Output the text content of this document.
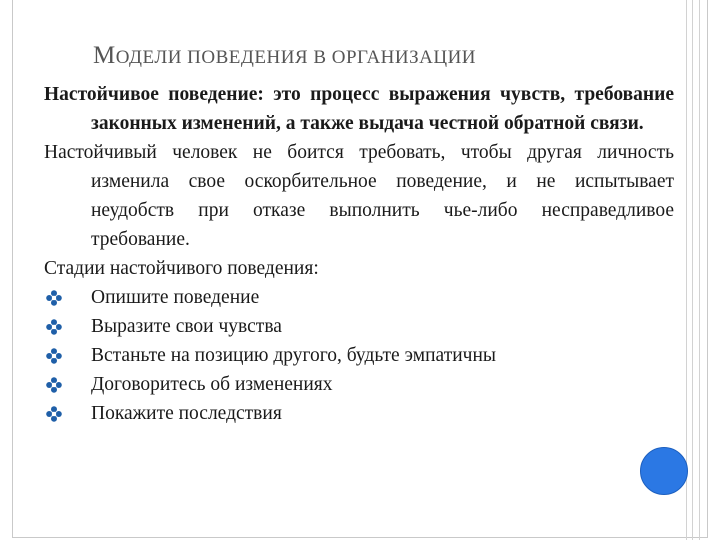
МОДЕЛИ ПОВЕДЕНИЯ В ОРГАНИЗАЦИИ

Настойчивое поведение: это процесс выражения чувств, требование законных изменений, а также выдача честной обратной связи.

Настойчивый человек не боится требовать, чтобы другая личность изменила свое оскорбительное поведение, и не испытывает неудобств при отказе выполнить чье-либо несправедливое требование.

Стадии настойчивого поведения:

Опишите поведение

Выразите свои чувства

Встаньте на позицию другого, будьте эмпатичны

Договоритесь об изменениях

Покажите последствия
